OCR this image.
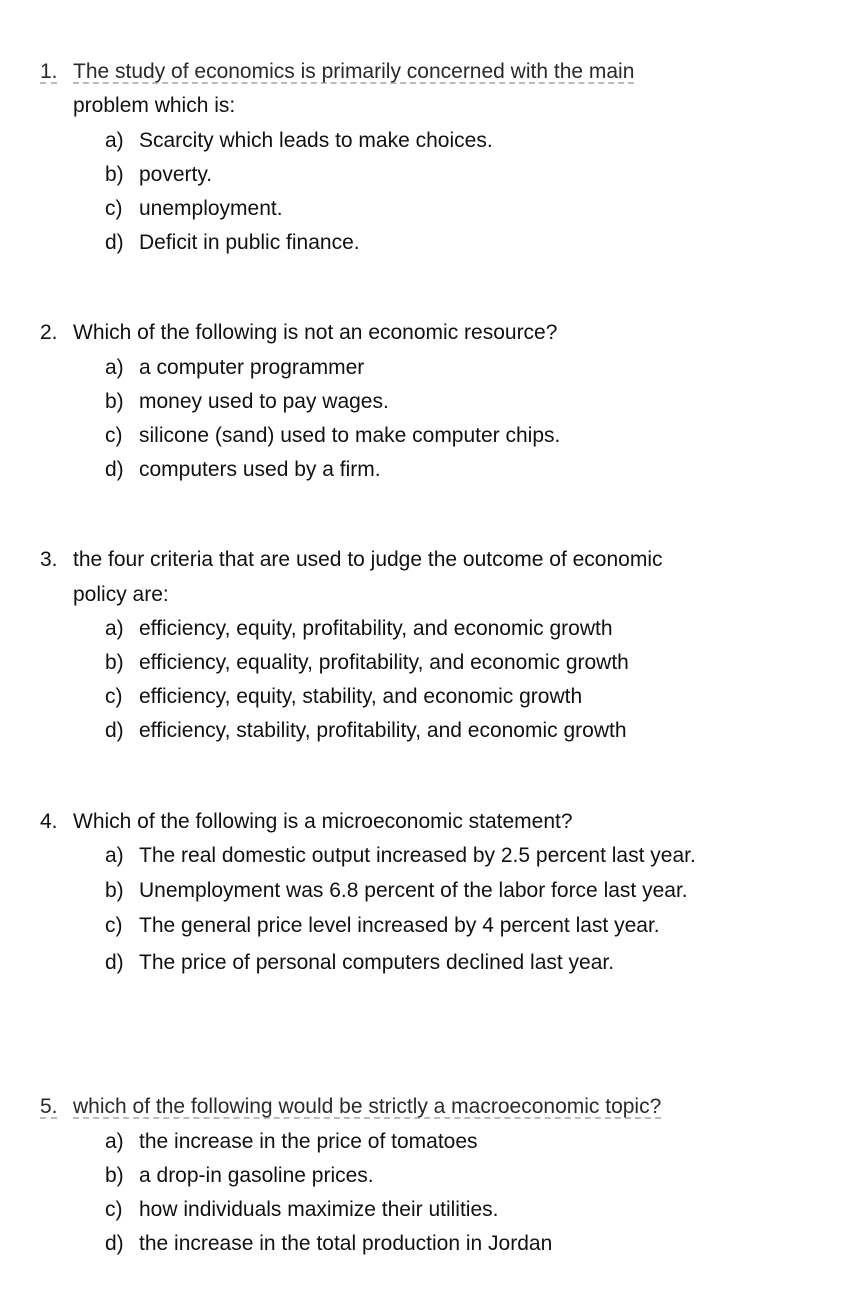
1. The study of economics is primarily concerned with the main
problem which is:
a) Scarcity which leads to make choices.
b) poverty.
c) unemployment.
d) Deficit in public finance.
2. Which of the following is not an economic resource?
a) a computer programmer
b) money used to pay wages.
c) silicone (sand) used to make computer chips.
d) computers used by a firm.
3. the four criteria that are used to judge the outcome of economic
policy are:
a) efficiency, equity, profitability, and economic growth
b) efficiency, equality, profitability, and economic growth
c) efficiency, equity, stability, and economic growth
d) efficiency, stability, profitability, and economic growth
4. Which of the following is a microeconomic statement?
a) The real domestic output increased by 2.5 percent last year.
b) Unemployment was 6.8 percent of the labor force last year.
c) The general price level increased by 4 percent last year.
d) The price of personal computers declined last year.
5. which of the following would be strictly a macroeconomic topic?
a) the increase in the price of tomatoes
b) a drop-in gasoline prices.
c) how individuals maximize their utilities.
d) the increase in the total production in Jordan
